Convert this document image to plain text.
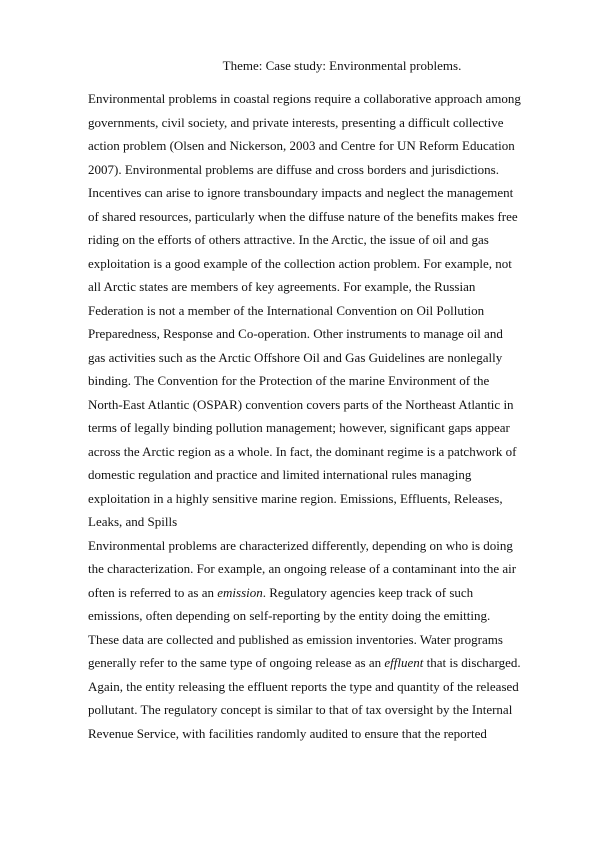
Theme: Case study: Environmental problems.
Environmental problems in coastal regions require a collaborative approach among
governments, civil society, and private interests, presenting a difficult collective
action problem (Olsen and Nickerson, 2003 and Centre for UN Reform Education
2007). Environmental problems are diffuse and cross borders and jurisdictions.
Incentives can arise to ignore transboundary impacts and neglect the management
of shared resources, particularly when the diffuse nature of the benefits makes free
riding on the efforts of others attractive. In the Arctic, the issue of oil and gas
exploitation is a good example of the collection action problem. For example, not
all Arctic states are members of key agreements. For example, the Russian
Federation is not a member of the International Convention on Oil Pollution
Preparedness, Response and Co-operation. Other instruments to manage oil and
gas activities such as the Arctic Offshore Oil and Gas Guidelines are nonlegally
binding. The Convention for the Protection of the marine Environment of the
North-East Atlantic (OSPAR) convention covers parts of the Northeast Atlantic in
terms of legally binding pollution management; however, significant gaps appear
across the Arctic region as a whole. In fact, the dominant regime is a patchwork of
domestic regulation and practice and limited international rules managing
exploitation in a highly sensitive marine region. Emissions, Effluents, Releases,
Leaks, and Spills
Environmental problems are characterized differently, depending on who is doing
the characterization. For example, an ongoing release of a contaminant into the air
often is referred to as an emission. Regulatory agencies keep track of such
emissions, often depending on self-reporting by the entity doing the emitting.
These data are collected and published as emission inventories. Water programs
generally refer to the same type of ongoing release as an effluent that is discharged.
Again, the entity releasing the effluent reports the type and quantity of the released
pollutant. The regulatory concept is similar to that of tax oversight by the Internal
Revenue Service, with facilities randomly audited to ensure that the reported
